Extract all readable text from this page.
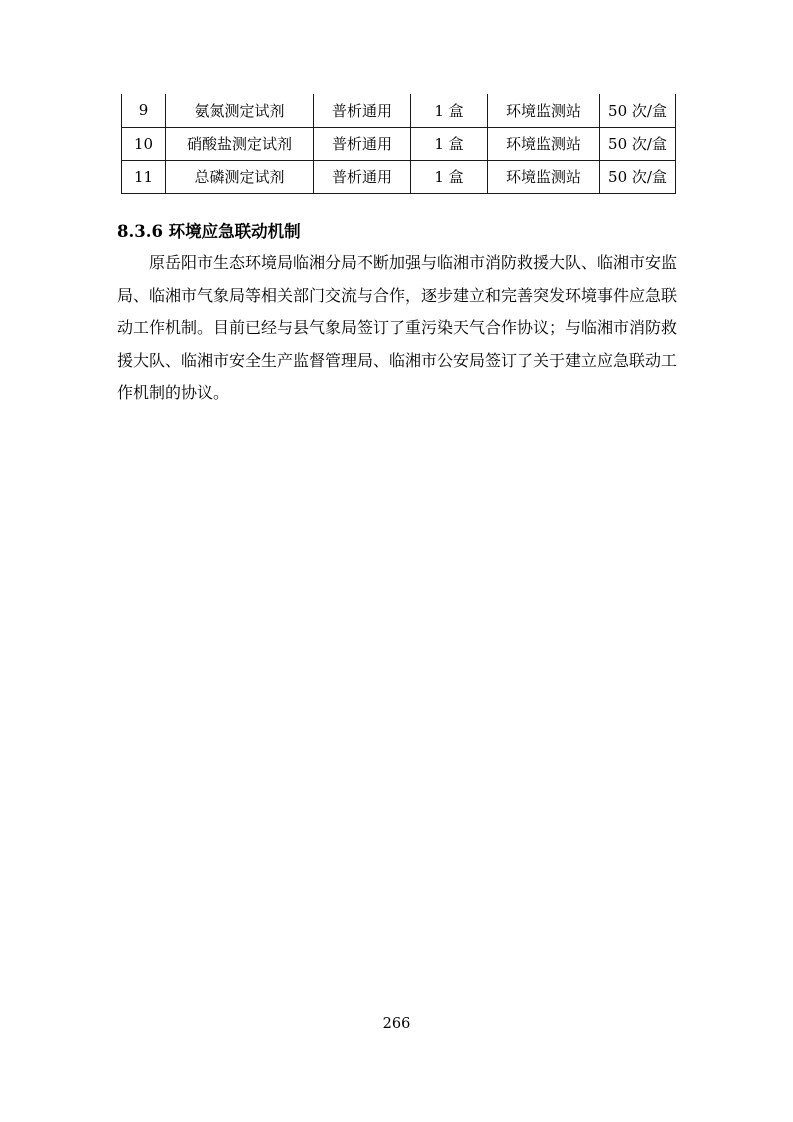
9	氨氮测定试剂	普析通用	1 盒	环境监测站	50 次/盒
10	硝酸盐测定试剂	普析通用	1 盒	环境监测站	50 次/盒
11	总磷测定试剂	普析通用	1 盒	环境监测站	50 次/盒
8.3.6 环境应急联动机制
原岳阳市生态环境局临湘分局不断加强与临湘市消防救援大队、临湘市安监
局、临湘市气象局等相关部门交流与合作，逐步建立和完善突发环境事件应急联
动工作机制。目前已经与县气象局签订了重污染天气合作协议；与临湘市消防救
援大队、临湘市安全生产监督管理局、临湘市公安局签订了关于建立应急联动工
作机制的协议。
266
